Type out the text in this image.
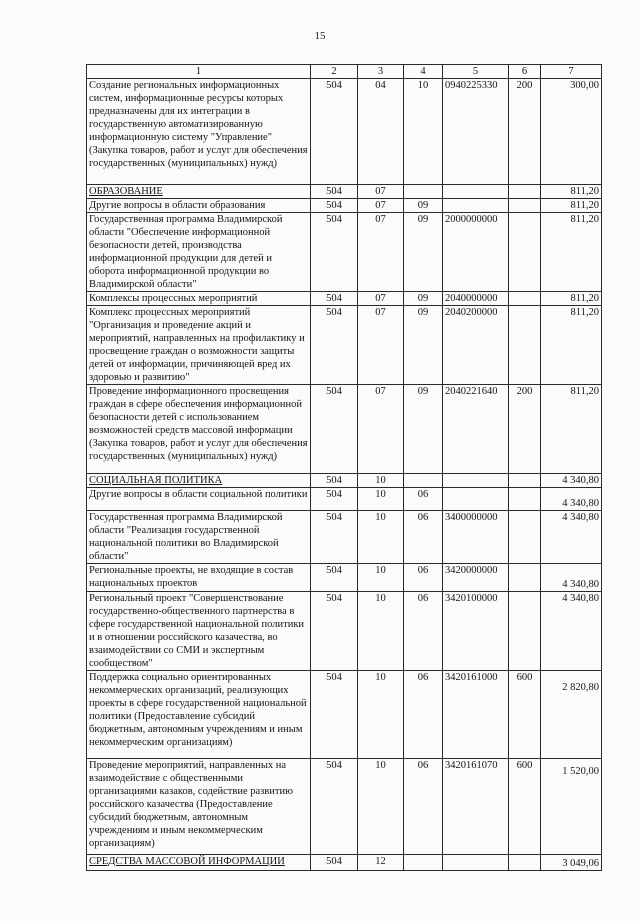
15
1	2	3	4	5	6	7
Создание региональных информационных систем, информационные ресурсы которых предназначены для их интеграции в государственную автоматизированную информационную систему "Управление" (Закупка товаров, работ и услуг для обеспечения государственных (муниципальных) нужд)	504	04	10	0940225330	200	300,00
ОБРАЗОВАНИЕ	504	07				811,20
Другие вопросы в области образования	504	07	09			811,20
Государственная программа Владимирской области "Обеспечение информационной безопасности детей, производства информационной продукции для детей и оборота информационной продукции во Владимирской области"	504	07	09	2000000000		811,20
Комплексы процессных мероприятий	504	07	09	2040000000		811,20
Комплекс процессных мероприятий "Организация и проведение акций и мероприятий, направленных на профилактику и просвещение граждан о возможности защиты детей от информации, причиняющей вред их здоровью и развитию"	504	07	09	2040200000		811,20
Проведение информационного просвещения граждан в сфере обеспечения информационной безопасности детей с использованием возможностей средств массовой информации (Закупка товаров, работ и услуг для обеспечения государственных (муниципальных) нужд)	504	07	09	2040221640	200	811,20
СОЦИАЛЬНАЯ ПОЛИТИКА	504	10				4 340,80
Другие вопросы в области социальной политики	504	10	06			4 340,80
Государственная программа Владимирской области "Реализация государственной национальной политики во Владимирской области"	504	10	06	3400000000		4 340,80
Региональные проекты, не входящие в состав национальных проектов	504	10	06	3420000000		4 340,80
Региональный проект "Совершенствование государственно-общественного партнерства в сфере государственной национальной политики и в отношении российского казачества, во взаимодействии со СМИ и экспертным сообществом"	504	10	06	3420100000		4 340,80
Поддержка социально ориентированных некоммерческих организаций, реализующих проекты в сфере государственной национальной политики (Предоставление субсидий бюджетным, автономным учреждениям и иным некоммерческим организациям)	504	10	06	3420161000	600	2 820,80
Проведение мероприятий, направленных на взаимодействие с общественными организациями казаков, содействие развитию российского казачества (Предоставление субсидий бюджетным, автономным учреждениям и иным некоммерческим организациям)	504	10	06	3420161070	600	1 520,00
СРЕДСТВА МАССОВОЙ ИНФОРМАЦИИ	504	12				3 049,06
